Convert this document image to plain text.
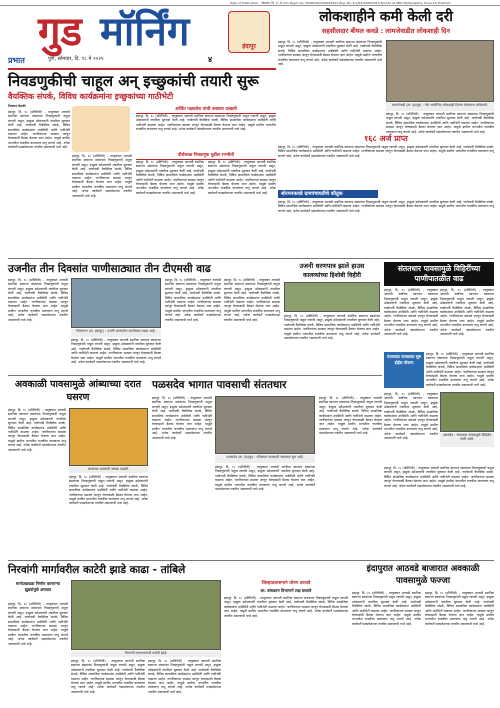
Date of Publication : सोमवार, दि. १८ मे २०२५ Regd. No. MAHMAR/2008/26543 Reg. No. P-1/R3/2008/2010 Printed at SBO Maharashtra, Pune-18 'Prabhat'
गुड मॉर्निंग	इंदापूर
प्रभात	पुणे, सोमवार, दि. १८ मे २०२५	४
लोकशाहीने कमी केली दरी
सहसीलदार बीयल कवडे : लामजेवाडीत लोकशाही दिन
इंदापूर, दि. १८ (प्रतिनिधी) - तालुक्यात आगामी स्थानिक स्वराज्य संस्थांच्या निवडणुकांची चाहूल लागली असून, इच्छुक उमेदवारांनी तयारीला सुरुवात केली आहे. गावोगावी वैयक्तिक संपर्क, विविध सामाजिक कार्यक्रमांना उपस्थिती आणि गाठीभेटी वाढल्या आहेत. नागरिकांच्या समस्या जाणून घेण्यासाठी बैठका घेतल्या जात आहेत. यामुळे ग्रामीण भागातील राजकीय वातावरण तापू लागले आहे. अनेक कार्यकर्ते पक्षप्रवेशाच्या तयारीत असल्याची चर्चा आहे.
लामजेवाडी (ता. इंदापूर) : येथे आयोजित लोकशाही दिनात बोलताना अधिकारी.
इंदापूर, दि. १८ (प्रतिनिधी) - तालुक्यात आगामी स्थानिक स्वराज्य संस्थांच्या निवडणुकांची चाहूल लागली असून, इच्छुक उमेदवारांनी तयारीला सुरुवात केली आहे. गावोगावी वैयक्तिक संपर्क, विविध सामाजिक कार्यक्रमांना उपस्थिती आणि गाठीभेटी वाढल्या आहेत. नागरिकांच्या समस्या जाणून घेण्यासाठी बैठका घेतल्या जात आहेत. यामुळे ग्रामीण भागातील राजकीय वातावरण तापू लागले आहे. अनेक कार्यकर्ते पक्षप्रवेशाच्या तयारीत असल्याची चर्चा आहे.
१६८ अर्ज प्राप्त
इंदापूर, दि. १८ (प्रतिनिधी) - तालुक्यात आगामी स्थानिक स्वराज्य संस्थांच्या निवडणुकांची चाहूल लागली असून, इच्छुक उमेदवारांनी तयारीला सुरुवात केली आहे. गावोगावी वैयक्तिक संपर्क, विविध सामाजिक कार्यक्रमांना उपस्थिती आणि गाठीभेटी वाढल्या आहेत. नागरिकांच्या समस्या जाणून घेण्यासाठी बैठका घेतल्या जात आहेत. यामुळे ग्रामीण भागातील राजकीय वातावरण तापू लागले आहे. अनेक कार्यकर्ते पक्षप्रवेशाच्या तयारीत असल्याची चर्चा आहे.
सोरपनकवडे ग्रामपंचायतीचे कौतुक
इंदापूर, दि. १८ (प्रतिनिधी) - तालुक्यात आगामी स्थानिक स्वराज्य संस्थांच्या निवडणुकांची चाहूल लागली असून, इच्छुक उमेदवारांनी तयारीला सुरुवात केली आहे. गावोगावी वैयक्तिक संपर्क, विविध सामाजिक कार्यक्रमांना उपस्थिती आणि गाठीभेटी वाढल्या आहेत. नागरिकांच्या समस्या जाणून घेण्यासाठी बैठका घेतल्या जात आहेत. यामुळे ग्रामीण भागातील राजकीय वातावरण तापू लागले आहे. अनेक कार्यकर्ते पक्षप्रवेशाच्या तयारीत असल्याची चर्चा आहे.
निवडणुकीची चाहूल अन् इच्छुकांची तयारी सुरू
वैयक्तिक संपर्क, विविध कार्यक्रमांना इच्छुकांच्या गाठीभेटी
निमगाव केतकी
इंदापूर, दि. १८ (प्रतिनिधी) - तालुक्यात आगामी स्थानिक स्वराज्य संस्थांच्या निवडणुकांची चाहूल लागली असून, इच्छुक उमेदवारांनी तयारीला सुरुवात केली आहे. गावोगावी वैयक्तिक संपर्क, विविध सामाजिक कार्यक्रमांना उपस्थिती आणि गाठीभेटी वाढल्या आहेत. नागरिकांच्या समस्या जाणून घेण्यासाठी बैठका घेतल्या जात आहेत. यामुळे ग्रामीण भागातील राजकीय वातावरण तापू लागले आहे. अनेक कार्यकर्ते पक्षप्रवेशाच्या तयारीत असल्याची चर्चा आहे.
इंदापूर, दि. १८ (प्रतिनिधी) - तालुक्यात आगामी स्थानिक स्वराज्य संस्थांच्या निवडणुकांची चाहूल लागली असून, इच्छुक उमेदवारांनी तयारीला सुरुवात केली आहे. गावोगावी वैयक्तिक संपर्क, विविध सामाजिक कार्यक्रमांना उपस्थिती आणि गाठीभेटी वाढल्या आहेत. नागरिकांच्या समस्या जाणून घेण्यासाठी बैठका घेतल्या जात आहेत. यामुळे ग्रामीण भागातील राजकीय वातावरण तापू लागले आहे. अनेक कार्यकर्ते पक्षप्रवेशाच्या तयारीत असल्याची चर्चा आहे.
अर्जित पक्षप्रवेश यांची शक्यता दाखली
इंदापूर, दि. १८ (प्रतिनिधी) - तालुक्यात आगामी स्थानिक स्वराज्य संस्थांच्या निवडणुकांची चाहूल लागली असून, इच्छुक उमेदवारांनी तयारीला सुरुवात केली आहे. गावोगावी वैयक्तिक संपर्क, विविध सामाजिक कार्यक्रमांना उपस्थिती आणि गाठीभेटी वाढल्या आहेत. नागरिकांच्या समस्या जाणून घेण्यासाठी बैठका घेतल्या जात आहेत. यामुळे ग्रामीण भागातील राजकीय वातावरण तापू लागले आहे. अनेक कार्यकर्ते पक्षप्रवेशाच्या तयारीत असल्याची चर्चा आहे.
दीर्घकाळ निवडणूक पुढील रणनीती
इंदापूर, दि. १८ (प्रतिनिधी) - तालुक्यात आगामी स्थानिक स्वराज्य संस्थांच्या निवडणुकांची चाहूल लागली असून, इच्छुक उमेदवारांनी तयारीला सुरुवात केली आहे. गावोगावी वैयक्तिक संपर्क, विविध सामाजिक कार्यक्रमांना उपस्थिती आणि गाठीभेटी वाढल्या आहेत. नागरिकांच्या समस्या जाणून घेण्यासाठी बैठका घेतल्या जात आहेत. यामुळे ग्रामीण भागातील राजकीय वातावरण तापू लागले आहे. अनेक कार्यकर्ते पक्षप्रवेशाच्या तयारीत असल्याची चर्चा आहे.
इंदापूर, दि. १८ (प्रतिनिधी) - तालुक्यात आगामी स्थानिक स्वराज्य संस्थांच्या निवडणुकांची चाहूल लागली असून, इच्छुक उमेदवारांनी तयारीला सुरुवात केली आहे. गावोगावी वैयक्तिक संपर्क, विविध सामाजिक कार्यक्रमांना उपस्थिती आणि गाठीभेटी वाढल्या आहेत. नागरिकांच्या समस्या जाणून घेण्यासाठी बैठका घेतल्या जात आहेत. यामुळे ग्रामीण भागातील राजकीय वातावरण तापू लागले आहे. अनेक कार्यकर्ते पक्षप्रवेशाच्या तयारीत असल्याची चर्चा आहे.
उजनीत तीन दिवसांत पाणीसाठ्यात तीन टीएमसी वाढ
इंदापूर, दि. १८ (प्रतिनिधी) - तालुक्यात आगामी स्थानिक स्वराज्य संस्थांच्या निवडणुकांची चाहूल लागली असून, इच्छुक उमेदवारांनी तयारीला सुरुवात केली आहे. गावोगावी वैयक्तिक संपर्क, विविध सामाजिक कार्यक्रमांना उपस्थिती आणि गाठीभेटी वाढल्या आहेत. नागरिकांच्या समस्या जाणून घेण्यासाठी बैठका घेतल्या जात आहेत. यामुळे ग्रामीण भागातील राजकीय वातावरण तापू लागले आहे. अनेक कार्यकर्ते पक्षप्रवेशाच्या तयारीत असल्याची चर्चा आहे.
भिमानगर (ता. इंदापूर) : उजनी धरणातील पाणीसाठा वाढत आहे.
इंदापूर, दि. १८ (प्रतिनिधी) - तालुक्यात आगामी स्थानिक स्वराज्य संस्थांच्या निवडणुकांची चाहूल लागली असून, इच्छुक उमेदवारांनी तयारीला सुरुवात केली आहे. गावोगावी वैयक्तिक संपर्क, विविध सामाजिक कार्यक्रमांना उपस्थिती आणि गाठीभेटी वाढल्या आहेत. नागरिकांच्या समस्या जाणून घेण्यासाठी बैठका घेतल्या जात आहेत. यामुळे ग्रामीण भागातील राजकीय वातावरण तापू लागले आहे. अनेक कार्यकर्ते पक्षप्रवेशाच्या तयारीत असल्याची चर्चा आहे.
इंदापूर, दि. १८ (प्रतिनिधी) - तालुक्यात आगामी स्थानिक स्वराज्य संस्थांच्या निवडणुकांची चाहूल लागली असून, इच्छुक उमेदवारांनी तयारीला सुरुवात केली आहे. गावोगावी वैयक्तिक संपर्क, विविध सामाजिक कार्यक्रमांना उपस्थिती आणि गाठीभेटी वाढल्या आहेत. नागरिकांच्या समस्या जाणून घेण्यासाठी बैठका घेतल्या जात आहेत. यामुळे ग्रामीण भागातील राजकीय वातावरण तापू लागले आहे. अनेक कार्यकर्ते पक्षप्रवेशाच्या तयारीत असल्याची चर्चा आहे.
इंदापूर, दि. १८ (प्रतिनिधी) - तालुक्यात आगामी स्थानिक स्वराज्य संस्थांच्या निवडणुकांची चाहूल लागली असून, इच्छुक उमेदवारांनी तयारीला सुरुवात केली आहे. गावोगावी वैयक्तिक संपर्क, विविध सामाजिक कार्यक्रमांना उपस्थिती आणि गाठीभेटी वाढल्या आहेत. नागरिकांच्या समस्या जाणून घेण्यासाठी बैठका घेतल्या जात आहेत. यामुळे ग्रामीण भागातील राजकीय वातावरण तापू लागले आहे. अनेक कार्यकर्ते पक्षप्रवेशाच्या तयारीत असल्याची चर्चा आहे.
उजनी धरणपात्र झाले हाउस
कालव्यांच्या हिशोबी विहीरी
इंदापूर, दि. १८ (प्रतिनिधी) - तालुक्यात आगामी स्थानिक स्वराज्य संस्थांच्या निवडणुकांची चाहूल लागली असून, इच्छुक उमेदवारांनी तयारीला सुरुवात केली आहे. गावोगावी वैयक्तिक संपर्क, विविध सामाजिक कार्यक्रमांना उपस्थिती आणि गाठीभेटी वाढल्या आहेत. नागरिकांच्या समस्या जाणून घेण्यासाठी बैठका घेतल्या जात आहेत. यामुळे ग्रामीण भागातील राजकीय वातावरण तापू लागले आहे. अनेक कार्यकर्ते पक्षप्रवेशाच्या तयारीत असल्याची चर्चा आहे.
संततधार पावसामुळे विहिरींच्या पाणीपातळीत वाढ
इंदापूर, दि. १८ (प्रतिनिधी) - तालुक्यात आगामी स्थानिक स्वराज्य संस्थांच्या निवडणुकांची चाहूल लागली असून, इच्छुक उमेदवारांनी तयारीला सुरुवात केली आहे. गावोगावी वैयक्तिक संपर्क, विविध सामाजिक कार्यक्रमांना उपस्थिती आणि गाठीभेटी वाढल्या आहेत. नागरिकांच्या समस्या जाणून घेण्यासाठी बैठका घेतल्या जात आहेत. यामुळे ग्रामीण भागातील राजकीय वातावरण तापू लागले आहे. अनेक कार्यकर्ते पक्षप्रवेशाच्या तयारीत असल्याची चर्चा आहे.
इंदापूर, दि. १८ (प्रतिनिधी) - तालुक्यात आगामी स्थानिक स्वराज्य संस्थांच्या निवडणुकांची चाहूल लागली असून, इच्छुक उमेदवारांनी तयारीला सुरुवात केली आहे. गावोगावी वैयक्तिक संपर्क, विविध सामाजिक कार्यक्रमांना उपस्थिती आणि गाठीभेटी वाढल्या आहेत. नागरिकांच्या समस्या जाणून घेण्यासाठी बैठका घेतल्या जात आहेत. यामुळे ग्रामीण भागातील राजकीय वातावरण तापू लागले आहे. अनेक कार्यकर्ते पक्षप्रवेशाच्या तयारीत असल्याची चर्चा आहे.
पंधरवाडा पावसाळा सुरु होईल योजना
इंदापूर, दि. १८ (प्रतिनिधी) - तालुक्यात आगामी स्थानिक स्वराज्य संस्थांच्या निवडणुकांची चाहूल लागली असून, इच्छुक उमेदवारांनी तयारीला सुरुवात केली आहे. गावोगावी वैयक्तिक संपर्क, विविध सामाजिक कार्यक्रमांना उपस्थिती आणि गाठीभेटी वाढल्या आहेत. नागरिकांच्या समस्या जाणून घेण्यासाठी बैठका घेतल्या जात आहेत. यामुळे ग्रामीण भागातील राजकीय वातावरण तापू लागले आहे. अनेक कार्यकर्ते पक्षप्रवेशाच्या तयारीत असल्याची चर्चा आहे.
इंदापूर, दि. १८ (प्रतिनिधी) - तालुक्यात आगामी स्थानिक स्वराज्य संस्थांच्या निवडणुकांची चाहूल लागली असून, इच्छुक उमेदवारांनी तयारीला सुरुवात केली आहे. गावोगावी वैयक्तिक संपर्क, विविध सामाजिक कार्यक्रमांना उपस्थिती आणि गाठीभेटी वाढल्या आहेत. नागरिकांच्या समस्या जाणून घेण्यासाठी बैठका घेतल्या जात आहेत. यामुळे ग्रामीण भागातील राजकीय वातावरण तापू लागले आहे. अनेक कार्यकर्ते पक्षप्रवेशाच्या तयारीत असल्याची चर्चा आहे.
पळसदेव : संततधार पावसामुळे विहिरीत पाणी आले.
अवकाळी पावसामुळे आंब्याच्या दरात घसरण
इंदापूर, दि. १८ (प्रतिनिधी) - तालुक्यात आगामी स्थानिक स्वराज्य संस्थांच्या निवडणुकांची चाहूल लागली असून, इच्छुक उमेदवारांनी तयारीला सुरुवात केली आहे. गावोगावी वैयक्तिक संपर्क, विविध सामाजिक कार्यक्रमांना उपस्थिती आणि गाठीभेटी वाढल्या आहेत. नागरिकांच्या समस्या जाणून घेण्यासाठी बैठका घेतल्या जात आहेत. यामुळे ग्रामीण भागातील राजकीय वातावरण तापू लागले आहे. अनेक कार्यकर्ते पक्षप्रवेशाच्या तयारीत असल्याची चर्चा आहे.
बाजारात आंब्याची आवक वाढली.
इंदापूर, दि. १८ (प्रतिनिधी) - तालुक्यात आगामी स्थानिक स्वराज्य संस्थांच्या निवडणुकांची चाहूल लागली असून, इच्छुक उमेदवारांनी तयारीला सुरुवात केली आहे. गावोगावी वैयक्तिक संपर्क, विविध सामाजिक कार्यक्रमांना उपस्थिती आणि गाठीभेटी वाढल्या आहेत. नागरिकांच्या समस्या जाणून घेण्यासाठी बैठका घेतल्या जात आहेत. यामुळे ग्रामीण भागातील राजकीय वातावरण तापू लागले आहे. अनेक कार्यकर्ते पक्षप्रवेशाच्या तयारीत असल्याची चर्चा आहे.
पळसदेव भागात पावसाची संततधार
इंदापूर, दि. १८ (प्रतिनिधी) - तालुक्यात आगामी स्थानिक स्वराज्य संस्थांच्या निवडणुकांची चाहूल लागली असून, इच्छुक उमेदवारांनी तयारीला सुरुवात केली आहे. गावोगावी वैयक्तिक संपर्क, विविध सामाजिक कार्यक्रमांना उपस्थिती आणि गाठीभेटी वाढल्या आहेत. नागरिकांच्या समस्या जाणून घेण्यासाठी बैठका घेतल्या जात आहेत. यामुळे ग्रामीण भागातील राजकीय वातावरण तापू लागले आहे. अनेक कार्यकर्ते पक्षप्रवेशाच्या तयारीत असल्याची चर्चा आहे.
पळसदेव (ता. इंदापूर) : परिसरात पावसाची संततधार सुरु आहे.
इंदापूर, दि. १८ (प्रतिनिधी) - तालुक्यात आगामी स्थानिक स्वराज्य संस्थांच्या निवडणुकांची चाहूल लागली असून, इच्छुक उमेदवारांनी तयारीला सुरुवात केली आहे. गावोगावी वैयक्तिक संपर्क, विविध सामाजिक कार्यक्रमांना उपस्थिती आणि गाठीभेटी वाढल्या आहेत. नागरिकांच्या समस्या जाणून घेण्यासाठी बैठका घेतल्या जात आहेत. यामुळे ग्रामीण भागातील राजकीय वातावरण तापू लागले आहे. अनेक कार्यकर्ते पक्षप्रवेशाच्या तयारीत असल्याची चर्चा आहे.
इंदापूर, दि. १८ (प्रतिनिधी) - तालुक्यात आगामी स्थानिक स्वराज्य संस्थांच्या निवडणुकांची चाहूल लागली असून, इच्छुक उमेदवारांनी तयारीला सुरुवात केली आहे. गावोगावी वैयक्तिक संपर्क, विविध सामाजिक कार्यक्रमांना उपस्थिती आणि गाठीभेटी वाढल्या आहेत. नागरिकांच्या समस्या जाणून घेण्यासाठी बैठका घेतल्या जात आहेत. यामुळे ग्रामीण भागातील राजकीय वातावरण तापू लागले आहे. अनेक कार्यकर्ते पक्षप्रवेशाच्या तयारीत असल्याची चर्चा आहे.
इंदापूर, दि. १८ (प्रतिनिधी) - तालुक्यात आगामी स्थानिक स्वराज्य संस्थांच्या निवडणुकांची चाहूल लागली असून, इच्छुक उमेदवारांनी तयारीला सुरुवात केली आहे. गावोगावी वैयक्तिक संपर्क, विविध सामाजिक कार्यक्रमांना उपस्थिती आणि गाठीभेटी वाढल्या आहेत. नागरिकांच्या समस्या जाणून घेण्यासाठी बैठका घेतल्या जात आहेत. यामुळे ग्रामीण भागातील राजकीय वातावरण तापू लागले आहे. अनेक कार्यकर्ते पक्षप्रवेशाच्या तयारीत असल्याची चर्चा आहे.
निरवांगी मार्गावरील काटेरी झाडे काढा - तांबिले
मार्गाअडथळा निर्माण करणाऱ्या झुडपांमुळे अपघात
इंदापूर, दि. १८ (प्रतिनिधी) - तालुक्यात आगामी स्थानिक स्वराज्य संस्थांच्या निवडणुकांची चाहूल लागली असून, इच्छुक उमेदवारांनी तयारीला सुरुवात केली आहे. गावोगावी वैयक्तिक संपर्क, विविध सामाजिक कार्यक्रमांना उपस्थिती आणि गाठीभेटी वाढल्या आहेत. नागरिकांच्या समस्या जाणून घेण्यासाठी बैठका घेतल्या जात आहेत. यामुळे ग्रामीण भागातील राजकीय वातावरण तापू लागले आहे. अनेक कार्यकर्ते पक्षप्रवेशाच्या तयारीत असल्याची चर्चा आहे.
निरवांगी रस्त्यालगतची काटेरी झाडे.
इंदापूर, दि. १८ (प्रतिनिधी) - तालुक्यात आगामी स्थानिक स्वराज्य संस्थांच्या निवडणुकांची चाहूल लागली असून, इच्छुक उमेदवारांनी तयारीला सुरुवात केली आहे. गावोगावी वैयक्तिक संपर्क, विविध सामाजिक कार्यक्रमांना उपस्थिती आणि गाठीभेटी वाढल्या आहेत. नागरिकांच्या समस्या जाणून घेण्यासाठी बैठका घेतल्या जात आहेत. यामुळे ग्रामीण भागातील राजकीय वातावरण तापू लागले आहे. अनेक कार्यकर्ते पक्षप्रवेशाच्या तयारीत असल्याची चर्चा आहे.
इंदापूर, दि. १८ (प्रतिनिधी) - तालुक्यात आगामी स्थानिक स्वराज्य संस्थांच्या निवडणुकांची चाहूल लागली असून, इच्छुक उमेदवारांनी तयारीला सुरुवात केली आहे. गावोगावी वैयक्तिक संपर्क, विविध सामाजिक कार्यक्रमांना उपस्थिती आणि गाठीभेटी वाढल्या आहेत. नागरिकांच्या समस्या जाणून घेण्यासाठी बैठका घेतल्या जात आहेत. यामुळे ग्रामीण भागातील राजकीय वातावरण तापू लागले आहे. अनेक कार्यकर्ते पक्षप्रवेशाच्या तयारीत असल्याची चर्चा आहे.
जिल्हाप्रशासनाने धोरण ठरवावे
सा. बांधकाम विभागाने लक्ष घालावे
इंदापूर, दि. १८ (प्रतिनिधी) - तालुक्यात आगामी स्थानिक स्वराज्य संस्थांच्या निवडणुकांची चाहूल लागली असून, इच्छुक उमेदवारांनी तयारीला सुरुवात केली आहे. गावोगावी वैयक्तिक संपर्क, विविध सामाजिक कार्यक्रमांना उपस्थिती आणि गाठीभेटी वाढल्या आहेत. नागरिकांच्या समस्या जाणून घेण्यासाठी बैठका घेतल्या जात आहेत. यामुळे ग्रामीण भागातील राजकीय वातावरण तापू लागले आहे. अनेक कार्यकर्ते पक्षप्रवेशाच्या तयारीत असल्याची चर्चा आहे.
इंदापुरात आठवडे बाजारात अवकाळी पावसामुळे फज्जा
इंदापूर, दि. १८ (प्रतिनिधी) - तालुक्यात आगामी स्थानिक स्वराज्य संस्थांच्या निवडणुकांची चाहूल लागली असून, इच्छुक उमेदवारांनी तयारीला सुरुवात केली आहे. गावोगावी वैयक्तिक संपर्क, विविध सामाजिक कार्यक्रमांना उपस्थिती आणि गाठीभेटी वाढल्या आहेत. नागरिकांच्या समस्या जाणून घेण्यासाठी बैठका घेतल्या जात आहेत. यामुळे ग्रामीण भागातील राजकीय वातावरण तापू लागले आहे. अनेक कार्यकर्ते पक्षप्रवेशाच्या तयारीत असल्याची चर्चा आहे.
इंदापूर, दि. १८ (प्रतिनिधी) - तालुक्यात आगामी स्थानिक स्वराज्य संस्थांच्या निवडणुकांची चाहूल लागली असून, इच्छुक उमेदवारांनी तयारीला सुरुवात केली आहे. गावोगावी वैयक्तिक संपर्क, विविध सामाजिक कार्यक्रमांना उपस्थिती आणि गाठीभेटी वाढल्या आहेत. नागरिकांच्या समस्या जाणून घेण्यासाठी बैठका घेतल्या जात आहेत. यामुळे ग्रामीण भागातील राजकीय वातावरण तापू लागले आहे. अनेक कार्यकर्ते पक्षप्रवेशाच्या तयारीत असल्याची चर्चा आहे.
